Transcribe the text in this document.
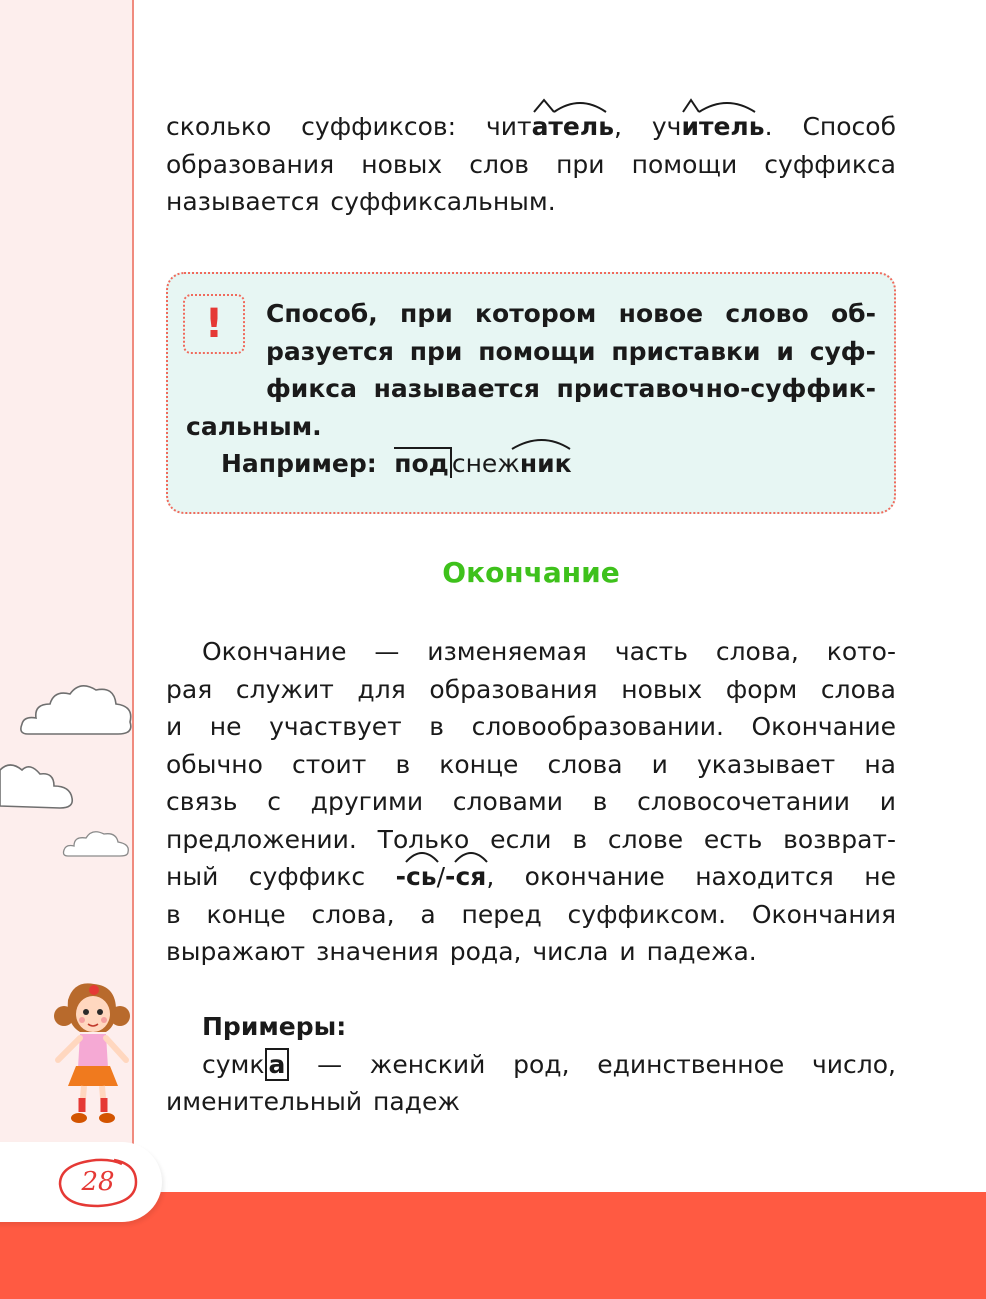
сколько суффиксов: чит
атель, уч
итель. Способ
образования новых слов при помощи суффикса
называется суффиксальным.
!	Способ, при котором новое слово об-
разуется при помощи приставки и суф-
фикса называется приставочно-суффик-
сальным.
Например: под снеж
ник
Окончание
Окончание — изменяемая часть слова, кото-
рая служит для образования новых форм слова
и не участвует в словообразовании. Окончание
обычно стоит в конце слова и указывает на
связь с другими словами в словосочетании и
предложении. Только если в слове есть возврат-
ный суффикс -
сь/-
ся, окончание находится не
в конце слова, а перед суффиксом. Окончания
выражают значения рода, числа и падежа.
Примеры:
сумк а — женский род, единственное число,
именительный падеж
28
